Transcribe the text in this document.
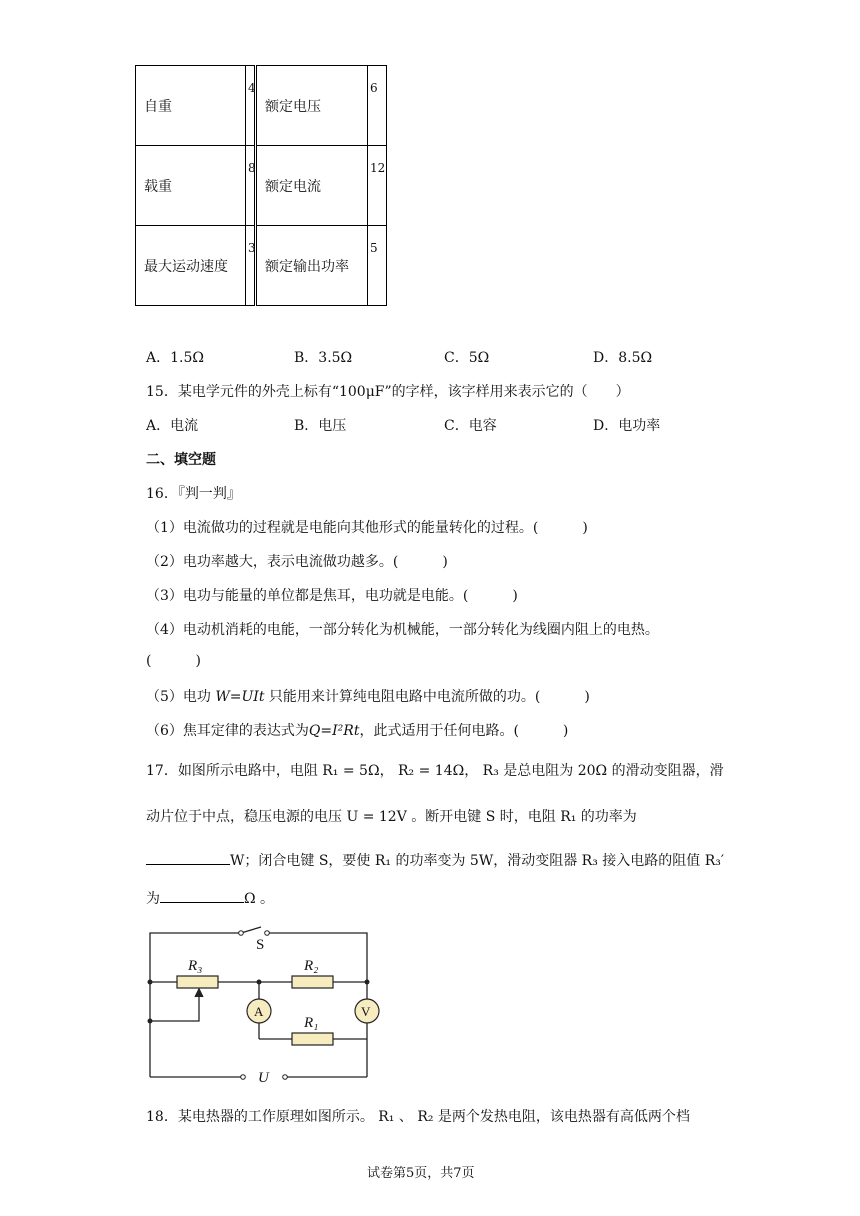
自重	4	额定电压	6

载重	8	额定电流	12

最大运动速度	3	额定输出功率	5
A．1.5Ω	B．3.5Ω	C．5Ω	D．8.5Ω
15．某电学元件的外壳上标有“100μF”的字样，该字样用来表示它的（　　）
A．电流	B．电压	C．电容	D．电功率
二、填空题
16．『判一判』
（1）电流做功的过程就是电能向其他形式的能量转化的过程。(	)
（2）电功率越大，表示电流做功越多。(	)
（3）电功与能量的单位都是焦耳，电功就是电能。(	)
（4）电动机消耗的电能，一部分转化为机械能，一部分转化为线圈内阻上的电热。
(	)
（5）电功 W=UIt 只能用来计算纯电阻电路中电流所做的功。(	)
（6）焦耳定律的表达式为Q=I²Rt，此式适用于任何电路。(	)
17．如图所示电路中，电阻 R₁ = 5Ω， R₂ = 14Ω， R₃ 是总电阻为 20Ω 的滑动变阻器，滑
动片位于中点，稳压电源的电压 U = 12V 。断开电键 S 时，电阻 R₁ 的功率为
W；闭合电键 S，要使 R₁ 的功率变为 5W，滑动变阻器 R₃ 接入电路的阻值 R₃′
为	Ω 。
S
R₃	R₂
R₁
A	V
U
18．某电热器的工作原理如图所示。 R₁ 、 R₂ 是两个发热电阻，该电热器有高低两个档
试卷第5页，共7页
